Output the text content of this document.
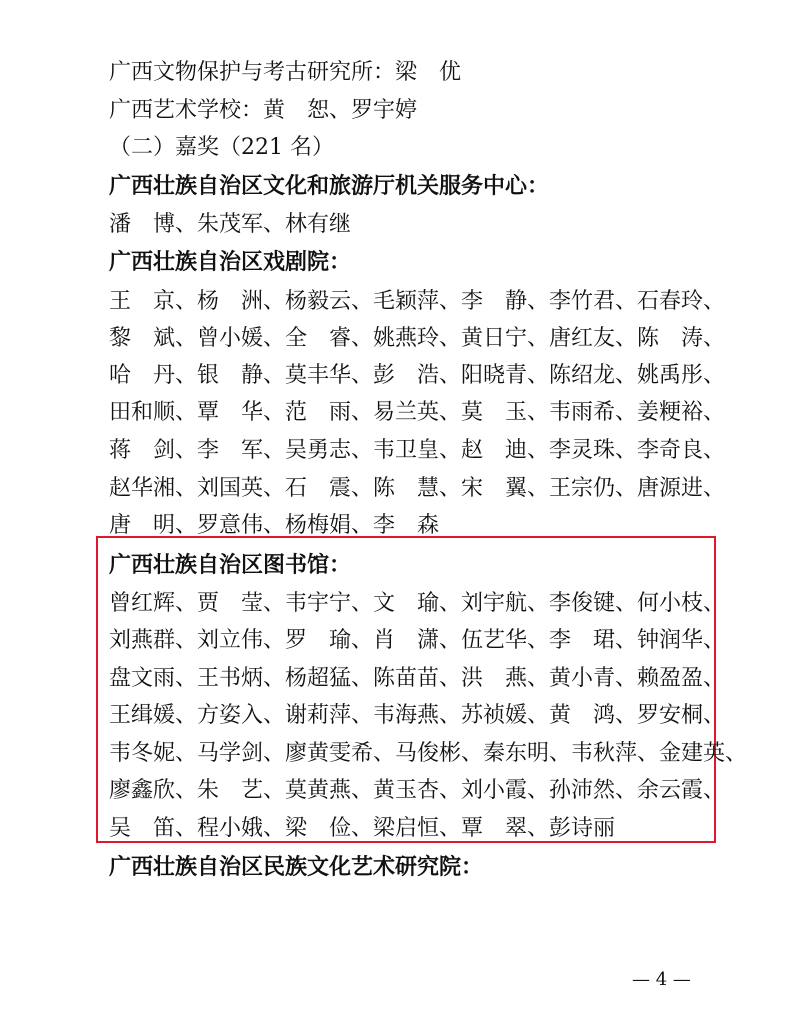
广西文物保护与考古研究所：梁　优
广西艺术学校：黄　恕、罗宇婷
（二）嘉奖（221 名）
广西壮族自治区文化和旅游厅机关服务中心：
潘　博、朱茂军、林有继
广西壮族自治区戏剧院：
王　京、杨　洲、杨毅云、毛颖萍、李　静、李竹君、石春玲、
黎　斌、曾小媛、全　睿、姚燕玲、黄日宁、唐红友、陈　涛、
哈　丹、银　静、莫丰华、彭　浩、阳晓青、陈绍龙、姚禹彤、
田和顺、覃　华、范　雨、易兰英、莫　玉、韦雨希、姜粳裕、
蒋　剑、李　军、吴勇志、韦卫皇、赵　迪、李灵珠、李奇良、
赵华湘、刘国英、石　震、陈　慧、宋　翼、王宗仍、唐源进、
唐　明、罗意伟、杨梅娟、李　森
广西壮族自治区图书馆：
曾红辉、贾　莹、韦宇宁、文　瑜、刘宇航、李俊键、何小枝、
刘燕群、刘立伟、罗　瑜、肖　潇、伍艺华、李　珺、钟润华、
盘文雨、王书炳、杨超猛、陈苗苗、洪　燕、黄小青、赖盈盈、
王缉媛、方姿入、谢莉萍、韦海燕、苏祯媛、黄　鸿、罗安桐、
韦冬妮、马学剑、廖黄雯希、马俊彬、秦东明、韦秋萍、金建英、
廖鑫欣、朱　艺、莫黄燕、黄玉杏、刘小霞、孙沛然、余云霞、
吴　笛、程小娥、梁　俭、梁启恒、覃　翠、彭诗丽
广西壮族自治区民族文化艺术研究院：
— 4 —
